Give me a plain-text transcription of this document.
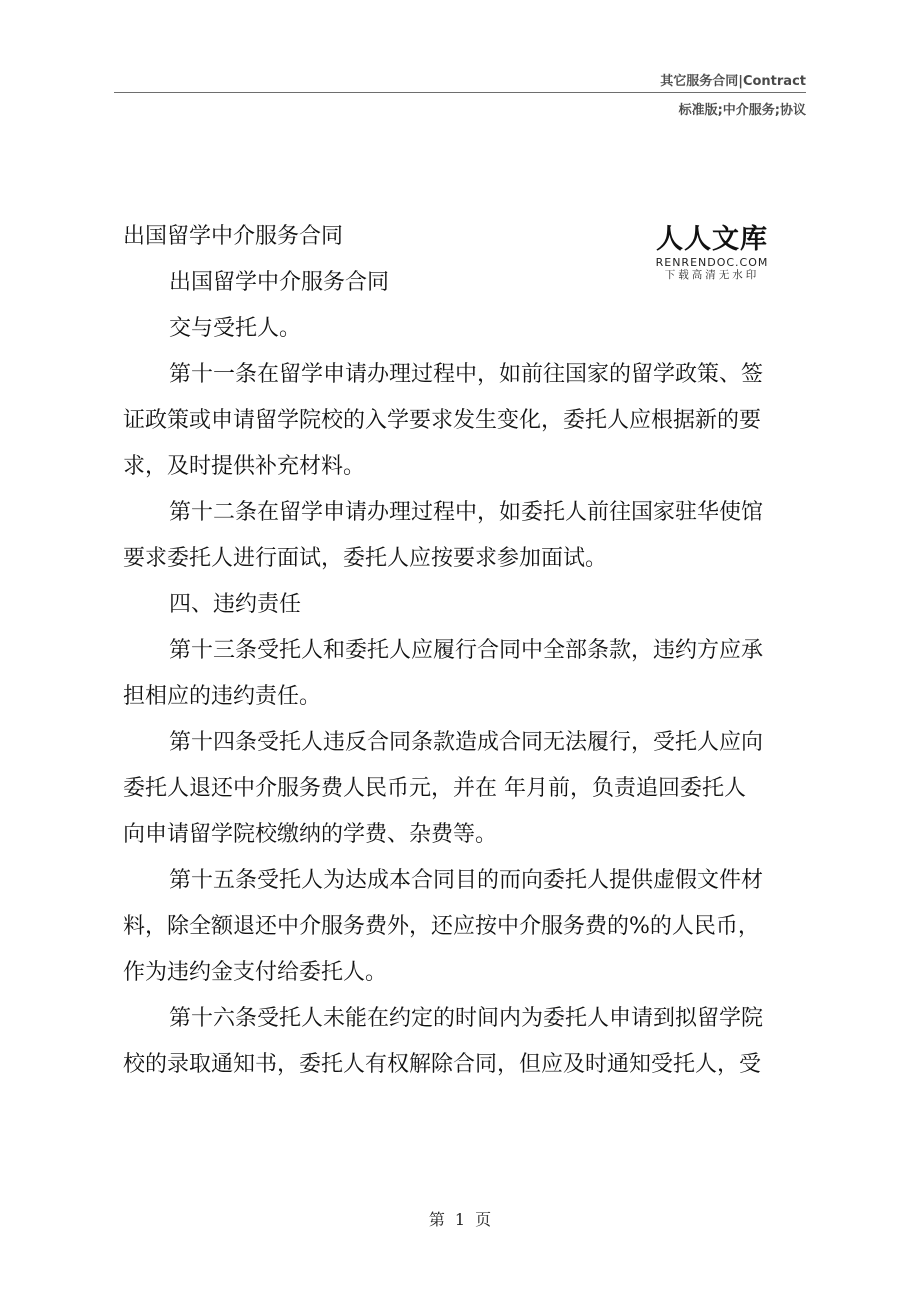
其它服务合同|Contract
标准版;中介服务;协议
人人文库
RENRENDOC.COM
下载高清无水印
出国留学中介服务合同
出国留学中介服务合同
交与受托人。
第十一条在留学申请办理过程中，如前往国家的留学政策、签
证政策或申请留学院校的入学要求发生变化，委托人应根据新的要
求，及时提供补充材料。
第十二条在留学申请办理过程中，如委托人前往国家驻华使馆
要求委托人进行面试，委托人应按要求参加面试。
四、违约责任
第十三条受托人和委托人应履行合同中全部条款，违约方应承
担相应的违约责任。
第十四条受托人违反合同条款造成合同无法履行，受托人应向
委托人退还中介服务费人民币元，并在 年月前，负责追回委托人
向申请留学院校缴纳的学费、杂费等。
第十五条受托人为达成本合同目的而向委托人提供虚假文件材
料，除全额退还中介服务费外，还应按中介服务费的%的人民币，
作为违约金支付给委托人。
第十六条受托人未能在约定的时间内为委托人申请到拟留学院
校的录取通知书，委托人有权解除合同，但应及时通知受托人，受
第 1 页
